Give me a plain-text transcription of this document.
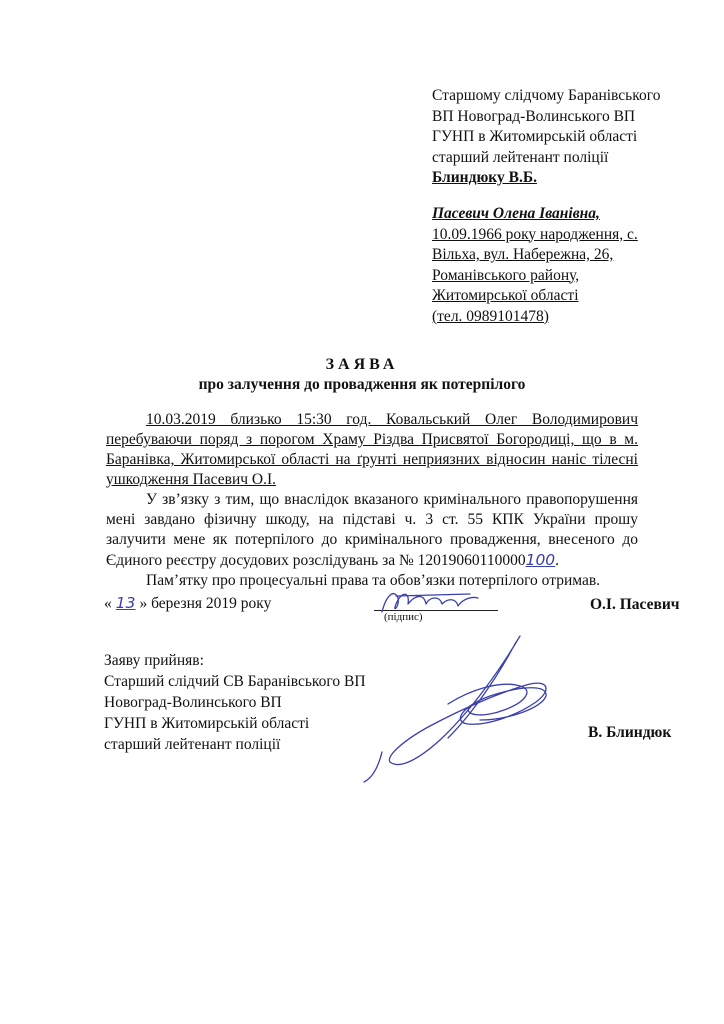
Старшому слідчому Баранівського
ВП Новоград-Волинського ВП
ГУНП в Житомирській області
старший лейтенант поліції
Блиндюку В.Б.
Пасевич Олена Іванівна,
10.09.1966 року народження, с.
Вільха, вул. Набережна, 26,
Романівського району,
Житомирської області
(тел. 0989101478)
ЗАЯВА
про залучення до провадження як потерпілого

10.03.2019 близько 15:30 год. Ковальський Олег Володимирович перебуваючи поряд з порогом Храму Різдва Присвятої Богородиці, що в м. Баранівка, Житомирської області на ґрунті неприязних відносин наніс тілесні ушкодження Пасевич О.І.

У зв’язку з тим, що внаслідок вказаного кримінального правопорушення мені завдано фізичну шкоду, на підставі ч. 3 ст. 55 КПК України прошу залучити мене як потерпілого до кримінального провадження, внесеного до Єдиного реєстру досудових розслідувань за № 12019060110000100.

Пам’ятку про процесуальні права та обов’язки потерпілого отримав.

« 13 » березня 2019 року
(підпис)
О.І. Пасевич
Заяву прийняв:
Старший слідчий СВ Баранівського ВП
Новоград-Волинського ВП
ГУНП в Житомирській області
старший лейтенант поліції
В. Блиндюк
